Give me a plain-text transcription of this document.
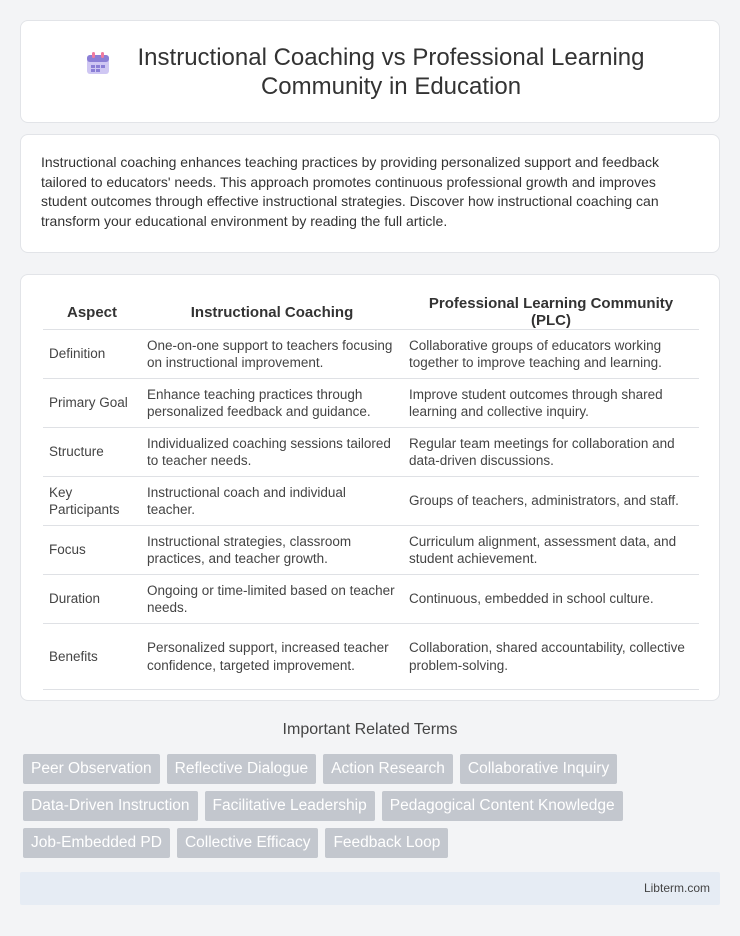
Instructional Coaching vs Professional Learning Community in Education

Instructional coaching enhances teaching practices by providing personalized support and feedback tailored to educators' needs. This approach promotes continuous professional growth and improves student outcomes through effective instructional strategies. Discover how instructional coaching can transform your educational environment by reading the full article.

Aspect	Instructional Coaching	Professional Learning Community (PLC)
Definition	One-on-one support to teachers focusing on instructional improvement.	Collaborative groups of educators working together to improve teaching and learning.
Primary Goal	Enhance teaching practices through personalized feedback and guidance.	Improve student outcomes through shared learning and collective inquiry.
Structure	Individualized coaching sessions tailored to teacher needs.	Regular team meetings for collaboration and data-driven discussions.
Key Participants	Instructional coach and individual teacher.	Groups of teachers, administrators, and staff.
Focus	Instructional strategies, classroom practices, and teacher growth.	Curriculum alignment, assessment data, and student achievement.
Duration	Ongoing or time-limited based on teacher needs.	Continuous, embedded in school culture.
Benefits	Personalized support, increased teacher confidence, targeted improvement.	Collaboration, shared accountability, collective problem-solving.
Important Related Terms
Peer Observation	Reflective Dialogue	Action Research	Collaborative Inquiry
Data-Driven Instruction	Facilitative Leadership	Pedagogical Content Knowledge
Job-Embedded PD	Collective Efficacy	Feedback Loop
Libterm.com
